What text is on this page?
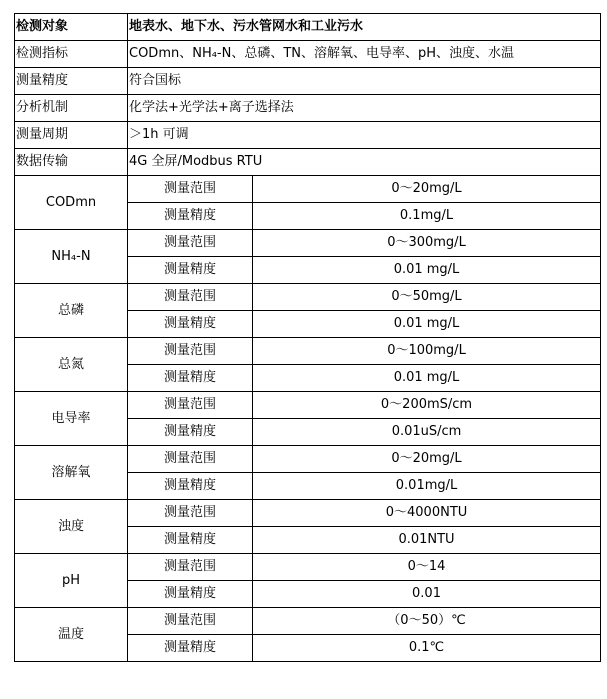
检测对象	地表水、地下水、污水管网水和工业污水	
检测指标	CODmn、NH₄-N、总磷、TN、溶解氧、电导率、pH、浊度、水温	
测量精度	符合国标	
分析机制	化学法+光学法+离子选择法	
测量周期	＞1h 可调	
数据传输	4G 全屏/Modbus RTU	
CODmn	测量范围	0～20mg/L
	测量精度	0.1mg/L
NH₄-N	测量范围	0～300mg/L
	测量精度	0.01 mg/L
总磷	测量范围	0～50mg/L
	测量精度	0.01 mg/L
总氮	测量范围	0～100mg/L
	测量精度	0.01 mg/L
电导率	测量范围	0～200mS/cm
	测量精度	0.01uS/cm
溶解氧	测量范围	0～20mg/L
	测量精度	0.01mg/L
浊度	测量范围	0～4000NTU
	测量精度	0.01NTU
pH	测量范围	0～14
	测量精度	0.01
温度	测量范围	（0～50）℃
	测量精度	0.1℃
